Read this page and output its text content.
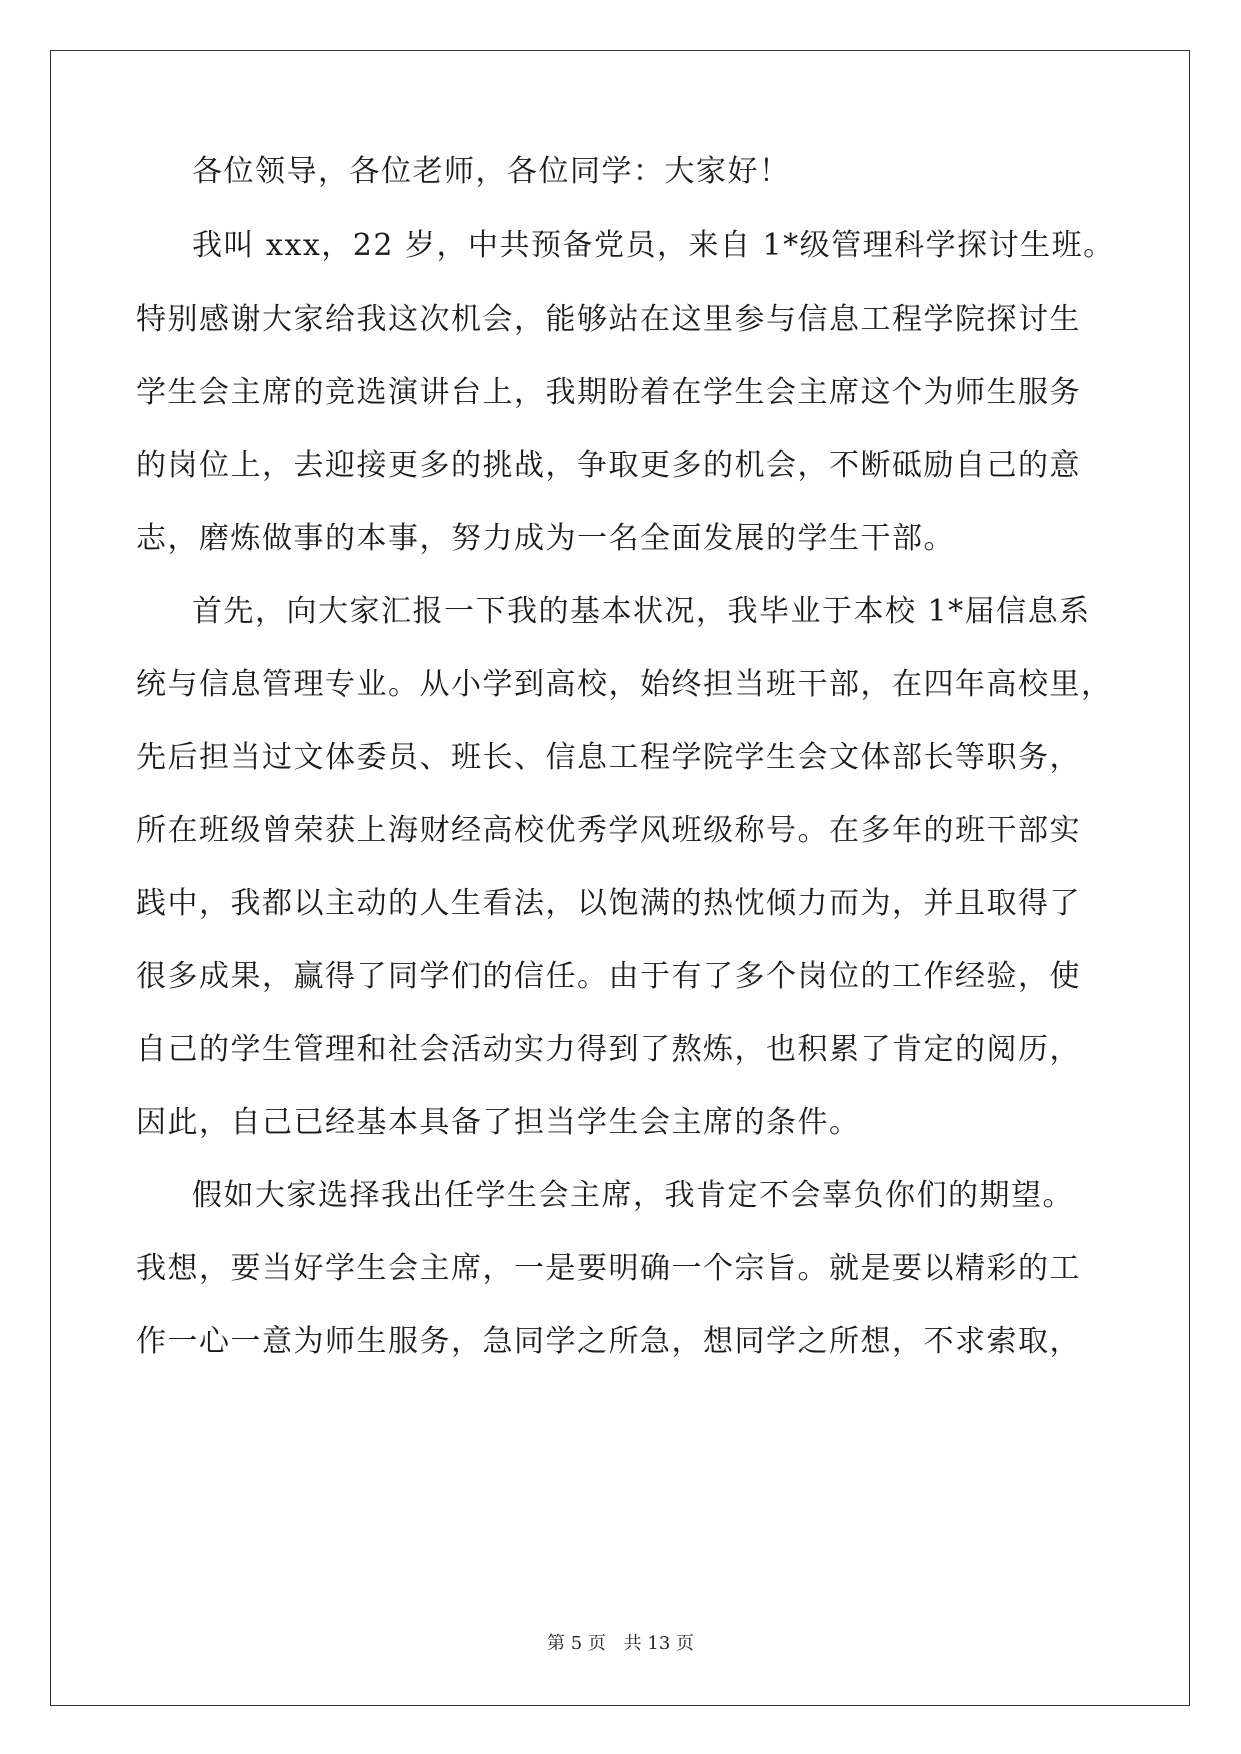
各位领导，各位老师，各位同学：大家好！

我叫 xxx，22 岁，中共预备党员，来自 1*级管理科学探讨生班。

特别感谢大家给我这次机会，能够站在这里参与信息工程学院探讨生

学生会主席的竞选演讲台上，我期盼着在学生会主席这个为师生服务

的岗位上，去迎接更多的挑战，争取更多的机会，不断砥励自己的意

志，磨炼做事的本事，努力成为一名全面发展的学生干部。

首先，向大家汇报一下我的基本状况，我毕业于本校 1*届信息系

统与信息管理专业。从小学到高校，始终担当班干部，在四年高校里，

先后担当过文体委员、班长、信息工程学院学生会文体部长等职务，

所在班级曾荣获上海财经高校优秀学风班级称号。在多年的班干部实

践中，我都以主动的人生看法，以饱满的热忱倾力而为，并且取得了

很多成果，赢得了同学们的信任。由于有了多个岗位的工作经验，使

自己的学生管理和社会活动实力得到了熬炼，也积累了肯定的阅历，

因此，自己已经基本具备了担当学生会主席的条件。

假如大家选择我出任学生会主席，我肯定不会辜负你们的期望。

我想，要当好学生会主席，一是要明确一个宗旨。就是要以精彩的工

作一心一意为师生服务，急同学之所急，想同学之所想，不求索取，

第 5 页 共 13 页
